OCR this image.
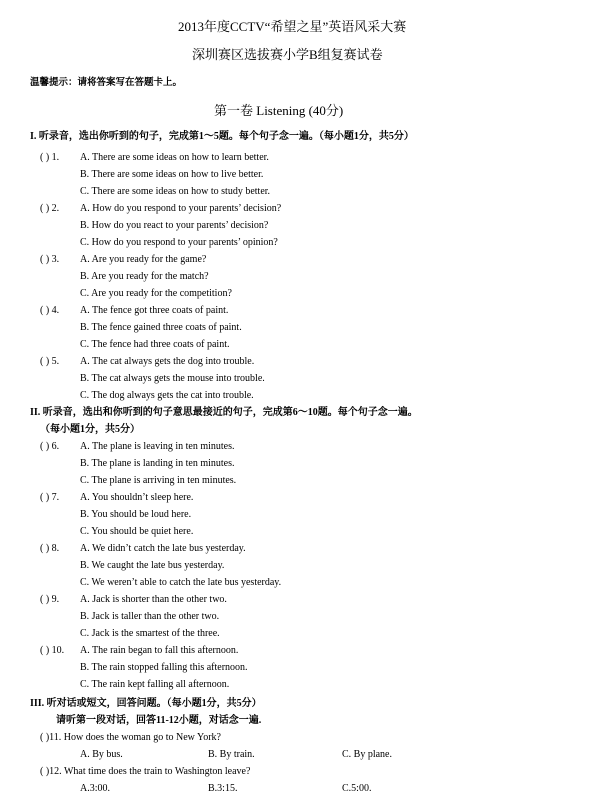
2013年度CCTV“希望之星”英语风采大赛
深圳赛区选拔赛小学B组复赛试卷
温馨提示：请将答案写在答题卡上。
第一卷 Listening (40分)
I. 听录音，选出你听到的句子，完成第1～5题。每个句子念一遍。（每小题1分，共5分）
( ) 1. A. There are some ideas on how to learn better.
B. There are some ideas on how to live better.
C. There are some ideas on how to study better.
( ) 2. A. How do you respond to your parents’ decision?
B. How do you react to your parents’ decision?
C. How do you respond to your parents’ opinion?
( ) 3. A. Are you ready for the game?
B. Are you ready for the match?
C. Are you ready for the competition?
( ) 4. A. The fence got three coats of paint.
B. The fence gained three coats of paint.
C. The fence had three coats of paint.
( ) 5. A. The cat always gets the dog into trouble.
B. The cat always gets the mouse into trouble.
C. The dog always gets the cat into trouble.
II. 听录音，选出和你听到的句子意思最接近的句子，完成第6～10题。每个句子念一遍。
（每小题1分，共5分）
( ) 6. A. The plane is leaving in ten minutes.
B. The plane is landing in ten minutes.
C. The plane is arriving in ten minutes.
( ) 7. A. You shouldn’t sleep here.
B. You should be loud here.
C. You should be quiet here.
( ) 8. A. We didn’t catch the late bus yesterday.
B. We caught the late bus yesterday.
C. We weren’t able to catch the late bus yesterday.
( ) 9. A. Jack is shorter than the other two.
B. Jack is taller than the other two.
C. Jack is the smartest of the three.
( ) 10. A. The rain began to fall this afternoon.
B. The rain stopped falling this afternoon.
C. The rain kept falling all afternoon.
III. 听对话或短文，回答问题。（每小题1分，共5分）
请听第一段对话，回答11-12小题，对话念一遍.
( )11. How does the woman go to New York?
A. By bus.	B. By train.	C. By plane.
( )12. What time does the train to Washington leave?
A.3:00.	B.3:15.	C.5:00.
